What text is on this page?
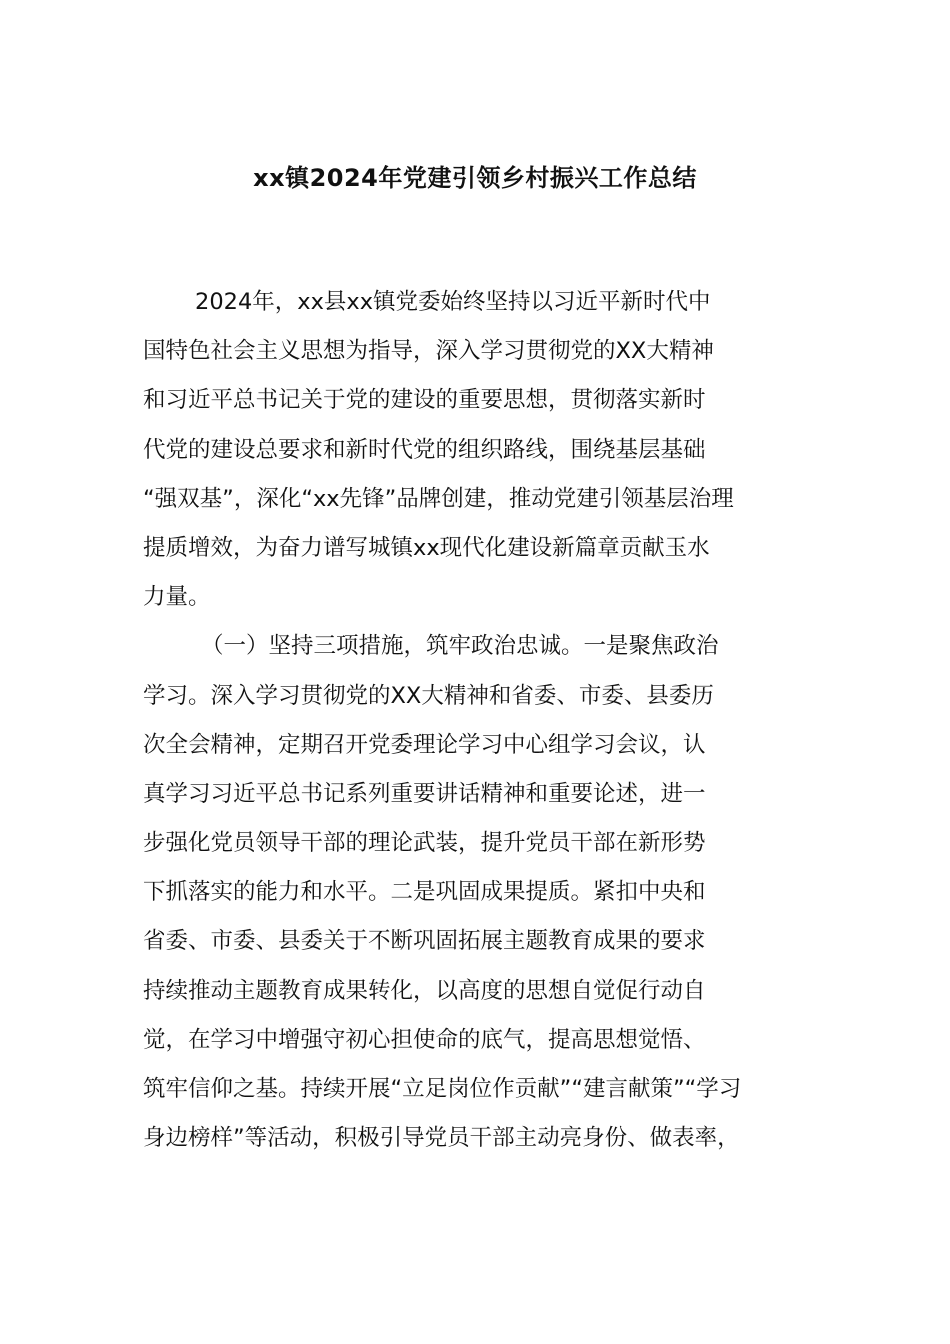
xx镇2024年党建引领乡村振兴工作总结
2024年，xx县xx镇党委始终坚持以习近平新时代中
国特色社会主义思想为指导，深入学习贯彻党的XX大精神
和习近平总书记关于党的建设的重要思想，贯彻落实新时
代党的建设总要求和新时代党的组织路线，围绕基层基础
“强双基”，深化“xx先锋”品牌创建，推动党建引领基层治理
提质增效，为奋力谱写城镇xx现代化建设新篇章贡献玉水
力量。
（一）坚持三项措施，筑牢政治忠诚。一是聚焦政治
学习。深入学习贯彻党的XX大精神和省委、市委、县委历
次全会精神，定期召开党委理论学习中心组学习会议，认
真学习习近平总书记系列重要讲话精神和重要论述，进一
步强化党员领导干部的理论武装，提升党员干部在新形势
下抓落实的能力和水平。二是巩固成果提质。紧扣中央和
省委、市委、县委关于不断巩固拓展主题教育成果的要求
持续推动主题教育成果转化，以高度的思想自觉促行动自
觉，在学习中增强守初心担使命的底气，提高思想觉悟、
筑牢信仰之基。持续开展“立足岗位作贡献”“建言献策”“学习
身边榜样”等活动，积极引导党员干部主动亮身份、做表率，
